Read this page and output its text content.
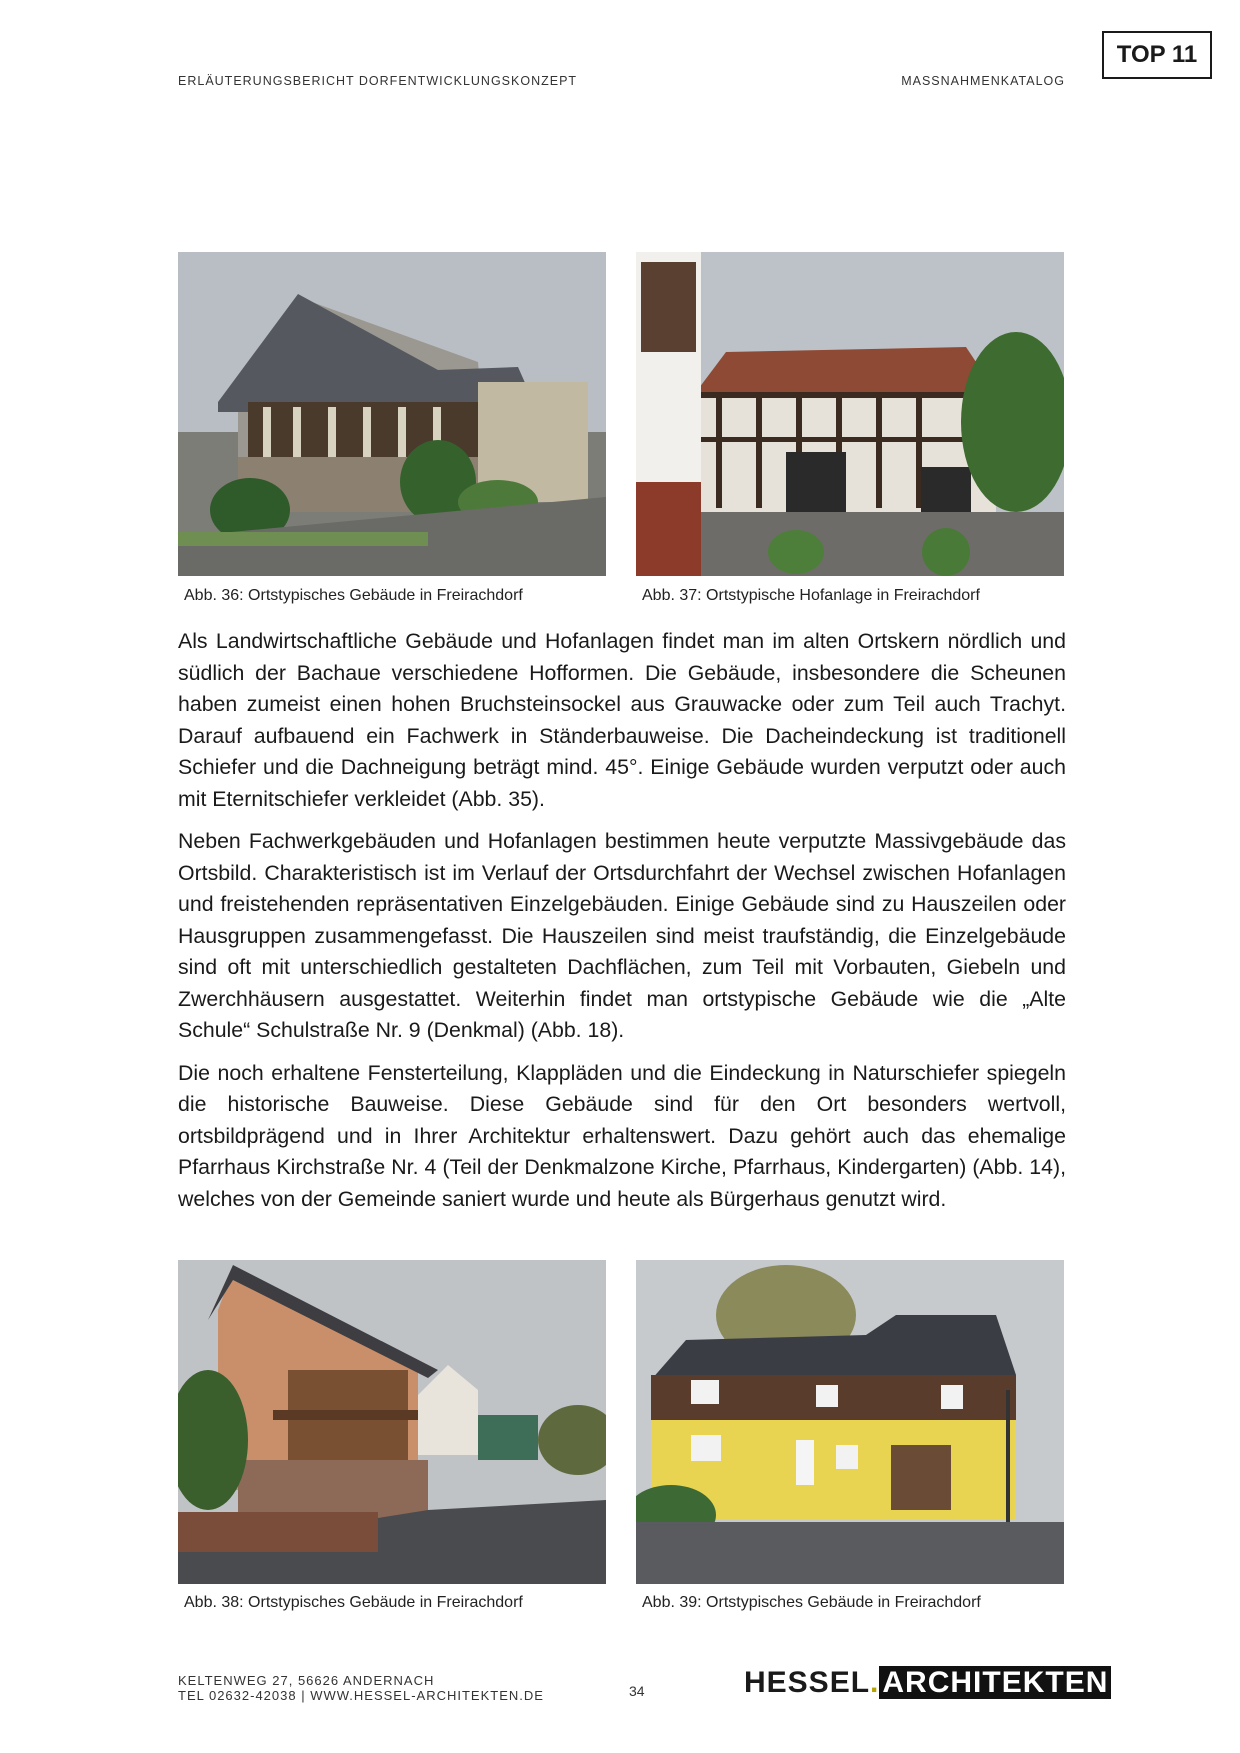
TOP 11
ERLÄUTERUNGSBERICHT DORFENTWICKLUNGSKONZEPT	MASSNAHMENKATALOG
Abb. 36: Ortstypisches Gebäude in Freirachdorf	Abb. 37: Ortstypische Hofanlage in Freirachdorf

Als Landwirtschaftliche Gebäude und Hofanlagen findet man im alten Ortskern nördlich und südlich der Bachaue verschiedene Hofformen. Die Gebäude, insbesondere die Scheunen haben zumeist einen hohen Bruchsteinsockel aus Grauwacke oder zum Teil auch Trachyt. Darauf aufbauend ein Fachwerk in Ständerbauweise. Die Dacheindeckung ist traditionell Schiefer und die Dachneigung beträgt mind. 45°. Einige Gebäude wurden verputzt oder auch mit Eternitschiefer verkleidet (Abb. 35).

Neben Fachwerkgebäuden und Hofanlagen bestimmen heute verputzte Massivgebäude das Ortsbild. Charakteristisch ist im Verlauf der Ortsdurchfahrt der Wechsel zwischen Hofanlagen und freistehenden repräsentativen Einzelgebäuden. Einige Gebäude sind zu Hauszeilen oder Hausgruppen zusammengefasst. Die Hauszeilen sind meist traufständig, die Einzelgebäude sind oft mit unterschiedlich gestalteten Dachflächen, zum Teil mit Vorbauten, Giebeln und Zwerchhäusern ausgestattet. Weiterhin findet man ortstypische Gebäude wie die „Alte Schule“ Schulstraße Nr. 9 (Denkmal) (Abb. 18).

Die noch erhaltene Fensterteilung, Klappläden und die Eindeckung in Naturschiefer spiegeln die historische Bauweise. Diese Gebäude sind für den Ort besonders wertvoll, ortsbildprägend und in Ihrer Architektur erhaltenswert. Dazu gehört auch das ehemalige Pfarrhaus Kirchstraße Nr. 4 (Teil der Denkmalzone Kirche, Pfarrhaus, Kindergarten) (Abb. 14), welches von der Gemeinde saniert wurde und heute als Bürgerhaus genutzt wird.

Abb. 38: Ortstypisches Gebäude in Freirachdorf	Abb. 39: Ortstypisches Gebäude in Freirachdorf
KELTENWEG 27, 56626 ANDERNACH
TEL 02632-42038 | WWW.HESSEL-ARCHITEKTEN.DE	34	HESSEL. ARCHITEKTEN
